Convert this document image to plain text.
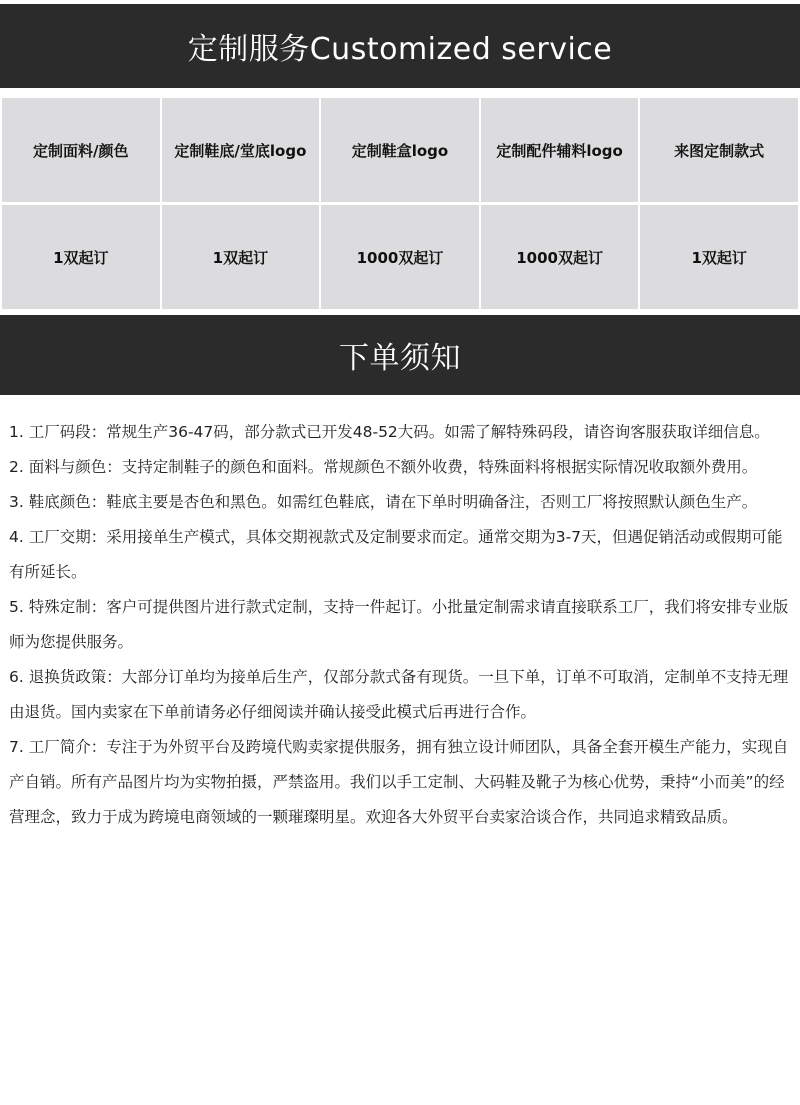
定制服务Customized service
定制面料/颜色	定制鞋底/堂底logo	定制鞋盒logo	定制配件辅料logo	来图定制款式

1双起订	1双起订	1000双起订	1000双起订	1双起订
下单须知

1. 工厂码段：常规生产36-47码，部分款式已开发48-52大码。如需了解特殊码段，请咨询客服获取详细信息。

2. 面料与颜色：支持定制鞋子的颜色和面料。常规颜色不额外收费，特殊面料将根据实际情况收取额外费用。

3. 鞋底颜色：鞋底主要是杏色和黑色。如需红色鞋底，请在下单时明确备注，否则工厂将按照默认颜色生产。

4. 工厂交期：采用接单生产模式，具体交期视款式及定制要求而定。通常交期为3-7天，但遇促销活动或假期可能有所延长。

5. 特殊定制：客户可提供图片进行款式定制，支持一件起订。小批量定制需求请直接联系工厂，我们将安排专业版师为您提供服务。

6. 退换货政策：大部分订单均为接单后生产，仅部分款式备有现货。一旦下单，订单不可取消，定制单不支持无理由退货。国内卖家在下单前请务必仔细阅读并确认接受此模式后再进行合作。

7. 工厂简介：专注于为外贸平台及跨境代购卖家提供服务，拥有独立设计师团队，具备全套开模生产能力，实现自产自销。所有产品图片均为实物拍摄，严禁盗用。我们以手工定制、大码鞋及靴子为核心优势，秉持“小而美”的经营理念，致力于成为跨境电商领域的一颗璀璨明星。欢迎各大外贸平台卖家洽谈合作，共同追求精致品质。
